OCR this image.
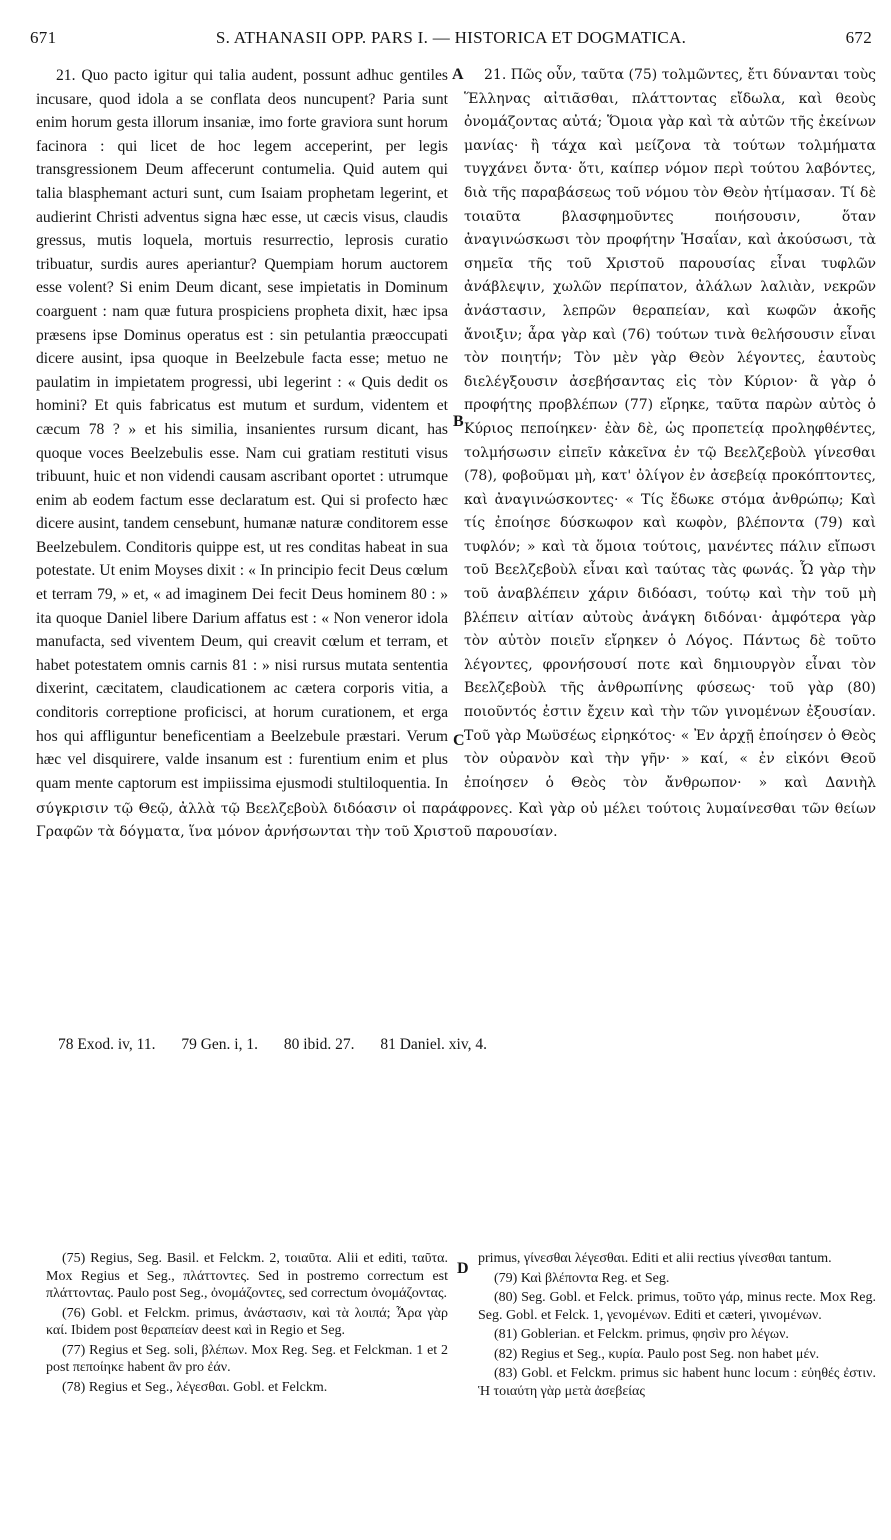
671	S. ATHANASII OPP. PARS I. — HISTORICA ET DOGMATICA.	672

21. Quo pacto igitur qui talia audent, possunt adhuc gentiles incusare, quod idola a se conflata deos nuncupent? Paria sunt enim horum gesta illorum insaniæ, imo forte graviora sunt horum facinora : qui licet de hoc legem acceperint, per legis transgressionem Deum affecerunt contumelia. Quid autem qui talia blasphemant acturi sunt, cum Isaiam prophetam legerint, et audierint Christi adventus signa hæc esse, ut cæcis visus, claudis gressus, mutis loquela, mortuis resurrectio, leprosis curatio tribuatur, surdis aures aperiantur? Quempiam horum auctorem esse volent? Si enim Deum dicant, sese impietatis in Dominum coarguent : nam quæ futura prospiciens propheta dixit, hæc ipsa præsens ipse Dominus operatus est : sin petulantia præoccupati dicere ausint, ipsa quoque in Beelzebule facta esse; metuo ne paulatim in impietatem progressi, ubi legerint : « Quis dedit os homini? Et quis fabricatus est mutum et surdum, videntem et cæcum 78 ? » et his similia, insanientes rursum dicant, has quoque voces Beelzebulis esse. Nam cui gratiam restituti visus tribuunt, huic et non videndi causam ascribant oportet : utrumque enim ab eodem factum esse declaratum est. Qui si profecto hæc dicere ausint, tandem censebunt, humanæ naturæ conditorem esse Beelzebulem. Conditoris quippe est, ut res conditas habeat in sua potestate. Ut enim Moyses dixit : « In principio fecit Deus cœlum et terram 79, » et, « ad imaginem Dei fecit Deus hominem 80 : » ita quoque Daniel libere Darium affatus est : « Non veneror idola manufacta, sed viventem Deum, qui creavit cœlum et terram, et habet potestatem omnis carnis 81 : » nisi rursus mutata sententia dixerint, cæcitatem, claudicationem ac cætera corporis vitia, a conditoris correptione proficisci, at horum curationem, et erga hos qui affliguntur beneficentiam a Beelzebule præstari. Verum hæc vel disquirere, valde insanum est : furentium enim et plus quam mente captorum est impiissima ejusmodi stultiloquentia. In

A
B
C

21. Πῶς οὖν, ταῦτα (75) τολμῶντες, ἔτι δύνανται τοὺς Ἕλληνας αἰτιᾶσθαι, πλάττοντας εἴδωλα, καὶ θεοὺς ὀνομάζοντας αὐτά; Ὅμοια γὰρ καὶ τὰ αὐτῶν τῆς ἐκείνων μανίας· ἢ τάχα καὶ μείζονα τὰ τούτων τολμήματα τυγχάνει ὄντα· ὅτι, καίπερ νόμον περὶ τούτου λαβόντες, διὰ τῆς παραβάσεως τοῦ νόμου τὸν Θεὸν ἠτίμασαν. Τί δὲ τοιαῦτα βλασφημοῦντες ποιήσουσιν, ὅταν ἀναγινώσκωσι τὸν προφήτην Ἡσαΐαν, καὶ ἀκούσωσι, τὰ σημεῖα τῆς τοῦ Χριστοῦ παρουσίας εἶναι τυφλῶν ἀνάβλεψιν, χωλῶν περίπατον, ἀλάλων λαλιὰν, νεκρῶν ἀνάστασιν, λεπρῶν θεραπείαν, καὶ κωφῶν ἀκοῆς ἄνοιξιν; ἆρα γὰρ καὶ (76) τούτων τινὰ θελήσουσιν εἶναι τὸν ποιητήν; Τὸν μὲν γὰρ Θεὸν λέγοντες, ἑαυτοὺς διελέγξουσιν ἀσεβήσαντας εἰς τὸν Κύριον· ἃ γὰρ ὁ προφήτης προβλέπων (77) εἴρηκε, ταῦτα παρὼν αὐτὸς ὁ Κύριος πεποίηκεν· ἐὰν δὲ, ὡς προπετείᾳ προληφθέντες, τολμήσωσιν εἰπεῖν κἀκεῖνα ἐν τῷ Βεελζεβοὺλ γίνεσθαι (78), φοβοῦμαι μὴ, κατ' ὀλίγον ἐν ἀσεβείᾳ προκόπτοντες, καὶ ἀναγινώσκοντες· « Τίς ἔδωκε στόμα ἀνθρώπῳ; Καὶ τίς ἐποίησε δύσκωφον καὶ κωφὸν, βλέποντα (79) καὶ τυφλόν; » καὶ τὰ ὅμοια τούτοις, μανέντες πάλιν εἴπωσι τοῦ Βεελζεβοὺλ εἶναι καὶ ταύτας τὰς φωνάς. Ὧ γὰρ τὴν τοῦ ἀναβλέπειν χάριν διδόασι, τούτῳ καὶ τὴν τοῦ μὴ βλέπειν αἰτίαν αὐτοὺς ἀνάγκη διδόναι· ἀμφότερα γὰρ τὸν αὐτὸν ποιεῖν εἴρηκεν ὁ Λόγος. Πάντως δὲ τοῦτο λέγοντες, φρονήσουσί ποτε καὶ δημιουργὸν εἶναι τὸν Βεελζεβοὺλ τῆς ἀνθρωπίνης φύσεως· τοῦ γὰρ (80) ποιοῦντός ἐστιν ἔχειν καὶ τὴν τῶν γινομένων ἐξουσίαν. Τοῦ γὰρ Μωϋσέως εἰρηκότος· « Ἐν ἀρχῇ ἐποίησεν ὁ Θεὸς τὸν οὐρανὸν καὶ τὴν γῆν· » καί, « ἐν εἰκόνι Θεοῦ ἐποίησεν ὁ Θεὸς τὸν ἄνθρωπον· » καὶ Δανιὴλ

σύγκρισιν τῷ Θεῷ, ἀλλὰ τῷ Βεελζεβοὺλ διδόασιν οἱ παράφρονες. Καὶ γὰρ οὐ μέλει τούτοις λυμαίνεσθαι τῶν θείων Γραφῶν τὰ δόγματα, ἵνα μόνον ἀρνήσωνται τὴν τοῦ Χριστοῦ παρουσίαν.

78 Exod. iv, 11. 79 Gen. i, 1. 80 ibid. 27. 81 Daniel. xiv, 4.
D

(75) Regius, Seg. Basil. et Felckm. 2, τοιαῦτα. Alii et editi, ταῦτα. Mox Regius et Seg., πλάττοντες. Sed in postremo correctum est πλάττοντας. Paulo post Seg., ὀνομάζοντες, sed correctum ὀνομάζοντας.

(76) Gobl. et Felckm. primus, ἀνάστασιν, καὶ τὰ λοιπά; Ἆρα γὰρ καί. Ibidem post θεραπείαν deest καὶ in Regio et Seg.

(77) Regius et Seg. soli, βλέπων. Mox Reg. Seg. et Felckman. 1 et 2 post πεποίηκε habent ἂν pro ἐάν.

(78) Regius et Seg., λέγεσθαι. Gobl. et Felckm.

primus, γίνεσθαι λέγεσθαι. Editi et alii rectius γίνεσθαι tantum.

(79) Καὶ βλέποντα Reg. et Seg.

(80) Seg. Gobl. et Felck. primus, τοῦτο γάρ, minus recte. Mox Reg. Seg. Gobl. et Felck. 1, γενομένων. Editi et cæteri, γινομένων.

(81) Goblerian. et Felckm. primus, φησὶν pro λέγων.

(82) Regius et Seg., κυρία. Paulo post Seg. non habet μέν.

(83) Gobl. et Felckm. primus sic habent hunc locum : εὐηθές ἐστιν. Ἡ τοιαύτη γὰρ μετὰ ἀσεβείας
